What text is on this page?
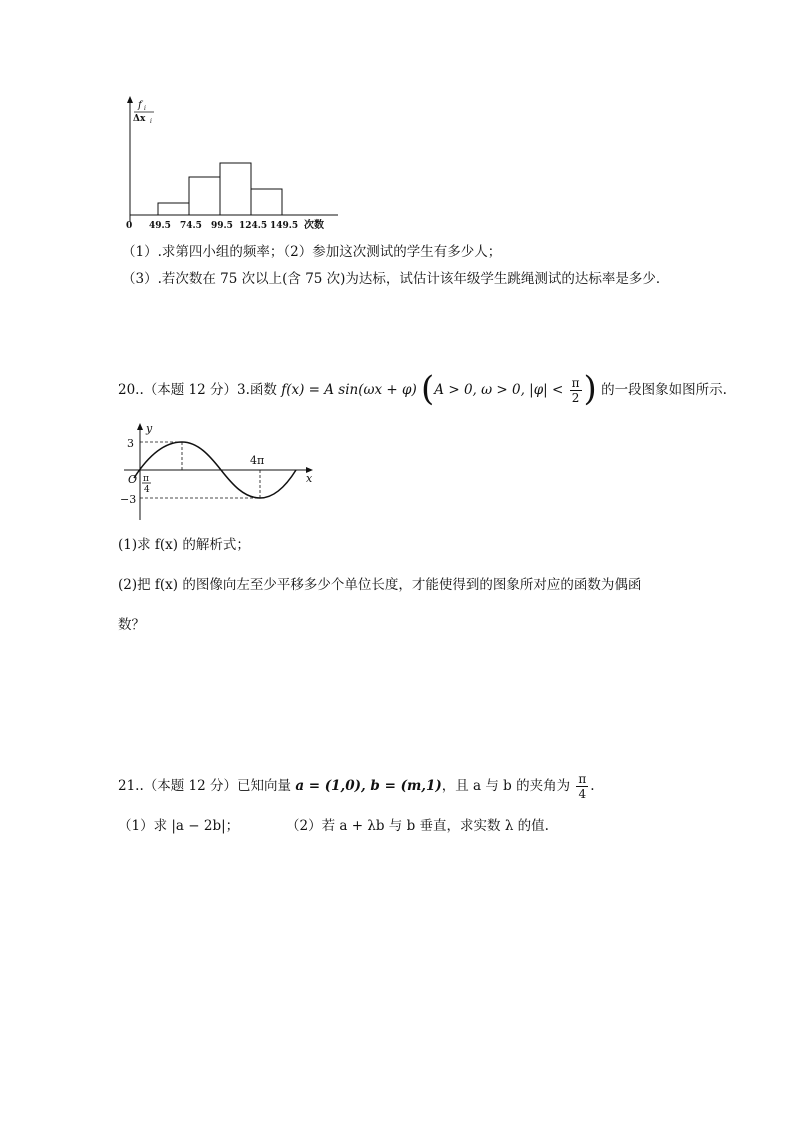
f i
Δx i
0 49.5 74.5 99.5 124.5 149.5 次数
（1）.求第四小组的频率；（2）参加这次测试的学生有多少人；
（3）.若次数在 75 次以上(含 75 次)为达标，试估计该年级学生跳绳测试的达标率是多少．
20..（本题 12 分）3.函数 f(x) = A sin(ωx + φ) (A > 0, ω > 0, $|\varphi| < \frac{\pi}{2}$ ) 的一段图象如图所示.
y
x
3
−3
O π
4
4π
(1)求 f(x) 的解析式；
(2)把 f(x) 的图像向左至少平移多少个单位长度，才能使得到的图象所对应的函数为偶函
数？
21..（本题 12 分）已知向量 a = (1,0), b = (m,1)，且 a 与 b 的夹角为 $\frac{\pi}{4}$ .
（1）求 |a − 2b|；	（2）若 a + λb 与 b 垂直，求实数 λ 的值.
